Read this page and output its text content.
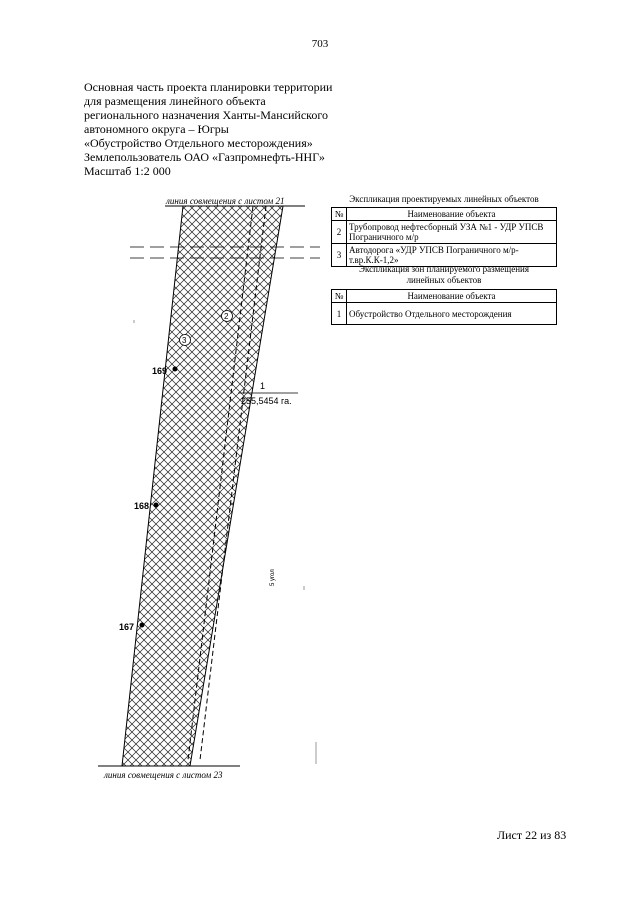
703
Основная часть проекта планировки территории
для размещения линейного объекта
регионального назначения Ханты-Мансийского
автономного округа – Югры
«Обустройство Отдельного месторождения»
Землепользователь ОАО «Газпромнефть-ННГ»
Масштаб 1:2 000
линия совмещения с листом 21
169
168
167
3
2
1
255,5454 га.
5 угол
линия совмещения с листом 23
Экспликация проектируемых линейных объектов
№	Наименование объекта
2	Трубопровод нефтесборный УЗА №1 - УДР УПСВ Пограничного м/р
3	Автодорога «УДР УПСВ Пограничного м/р-т.вр.К.К-1,2»
Экспликация зон планируемого размещения
линейных объектов
№	Наименование объекта
1	Обустройство Отдельного месторождения
Лист 22 из 83
